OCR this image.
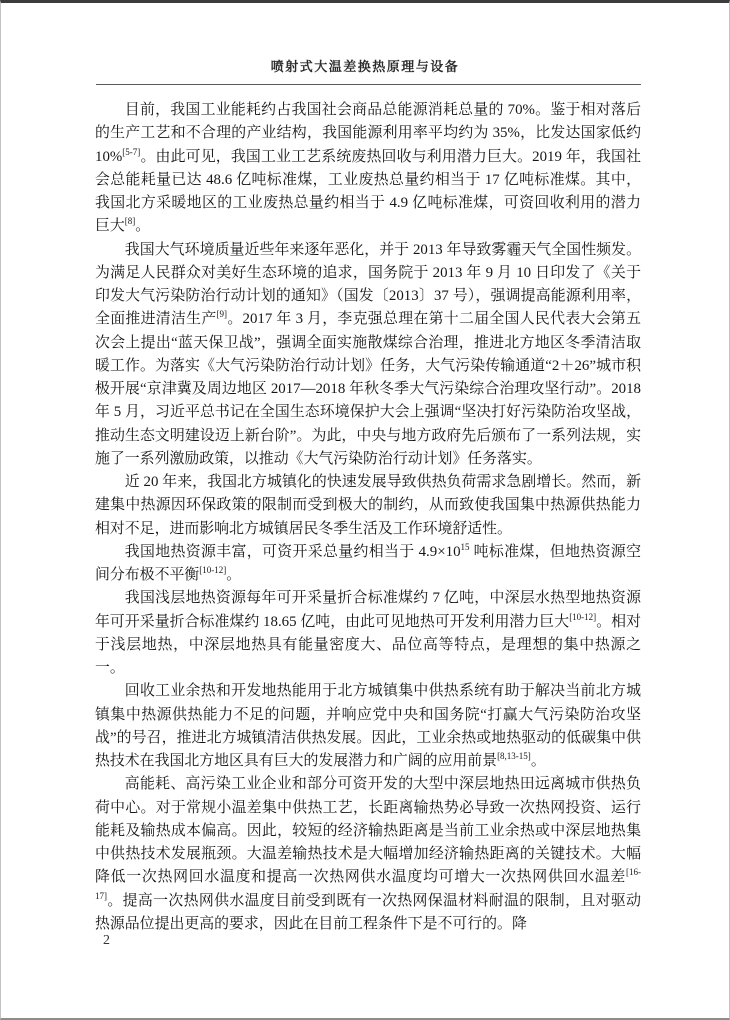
喷射式大温差换热原理与设备

目前，我国工业能耗约占我国社会商品总能源消耗总量的 70%。鉴于相对落后的生产工艺和不合理的产业结构，我国能源利用率平均约为 35%，比发达国家低约 10%[5-7]。由此可见，我国工业工艺系统废热回收与利用潜力巨大。2019 年，我国社会总能耗量已达 48.6 亿吨标准煤，工业废热总量约相当于 17 亿吨标准煤。其中，我国北方采暖地区的工业废热总量约相当于 4.9 亿吨标准煤，可资回收利用的潜力巨大[8]。

我国大气环境质量近些年来逐年恶化，并于 2013 年导致雾霾天气全国性频发。为满足人民群众对美好生态环境的追求，国务院于 2013 年 9 月 10 日印发了《关于印发大气污染防治行动计划的通知》（国发〔2013〕37 号），强调提高能源利用率，全面推进清洁生产[9]。2017 年 3 月，李克强总理在第十二届全国人民代表大会第五次会上提出“蓝天保卫战”，强调全面实施散煤综合治理，推进北方地区冬季清洁取暖工作。为落实《大气污染防治行动计划》任务，大气污染传输通道“2＋26”城市积极开展“京津冀及周边地区 2017—2018 年秋冬季大气污染综合治理攻坚行动”。2018 年 5 月，习近平总书记在全国生态环境保护大会上强调“坚决打好污染防治攻坚战，推动生态文明建设迈上新台阶”。为此，中央与地方政府先后颁布了一系列法规，实施了一系列激励政策，以推动《大气污染防治行动计划》任务落实。

近 20 年来，我国北方城镇化的快速发展导致供热负荷需求急剧增长。然而，新建集中热源因环保政策的限制而受到极大的制约，从而致使我国集中热源供热能力相对不足，进而影响北方城镇居民冬季生活及工作环境舒适性。

我国地热资源丰富，可资开采总量约相当于 $4.9\times 10^{15}$ 吨标准煤，但地热资源空间分布极不平衡[10-12]。

我国浅层地热资源每年可开采量折合标准煤约 7 亿吨，中深层水热型地热资源年可开采量折合标准煤约 18.65 亿吨，由此可见地热可开发利用潜力巨大[10-12]。相对于浅层地热，中深层地热具有能量密度大、品位高等特点，是理想的集中热源之一。

回收工业余热和开发地热能用于北方城镇集中供热系统有助于解决当前北方城镇集中热源供热能力不足的问题，并响应党中央和国务院“打赢大气污染防治攻坚战”的号召，推进北方城镇清洁供热发展。因此，工业余热或地热驱动的低碳集中供热技术在我国北方地区具有巨大的发展潜力和广阔的应用前景[8,13-15]。

高能耗、高污染工业企业和部分可资开发的大型中深层地热田远离城市供热负荷中心。对于常规小温差集中供热工艺，长距离输热势必导致一次热网投资、运行能耗及输热成本偏高。因此，较短的经济输热距离是当前工业余热或中深层地热集中供热技术发展瓶颈。大温差输热技术是大幅增加经济输热距离的关键技术。大幅降低一次热网回水温度和提高一次热网供水温度均可增大一次热网供回水温差[16-17]。提高一次热网供水温度目前受到既有一次热网保温材料耐温的限制，且对驱动热源品位提出更高的要求，因此在目前工程条件下是不可行的。降

2
